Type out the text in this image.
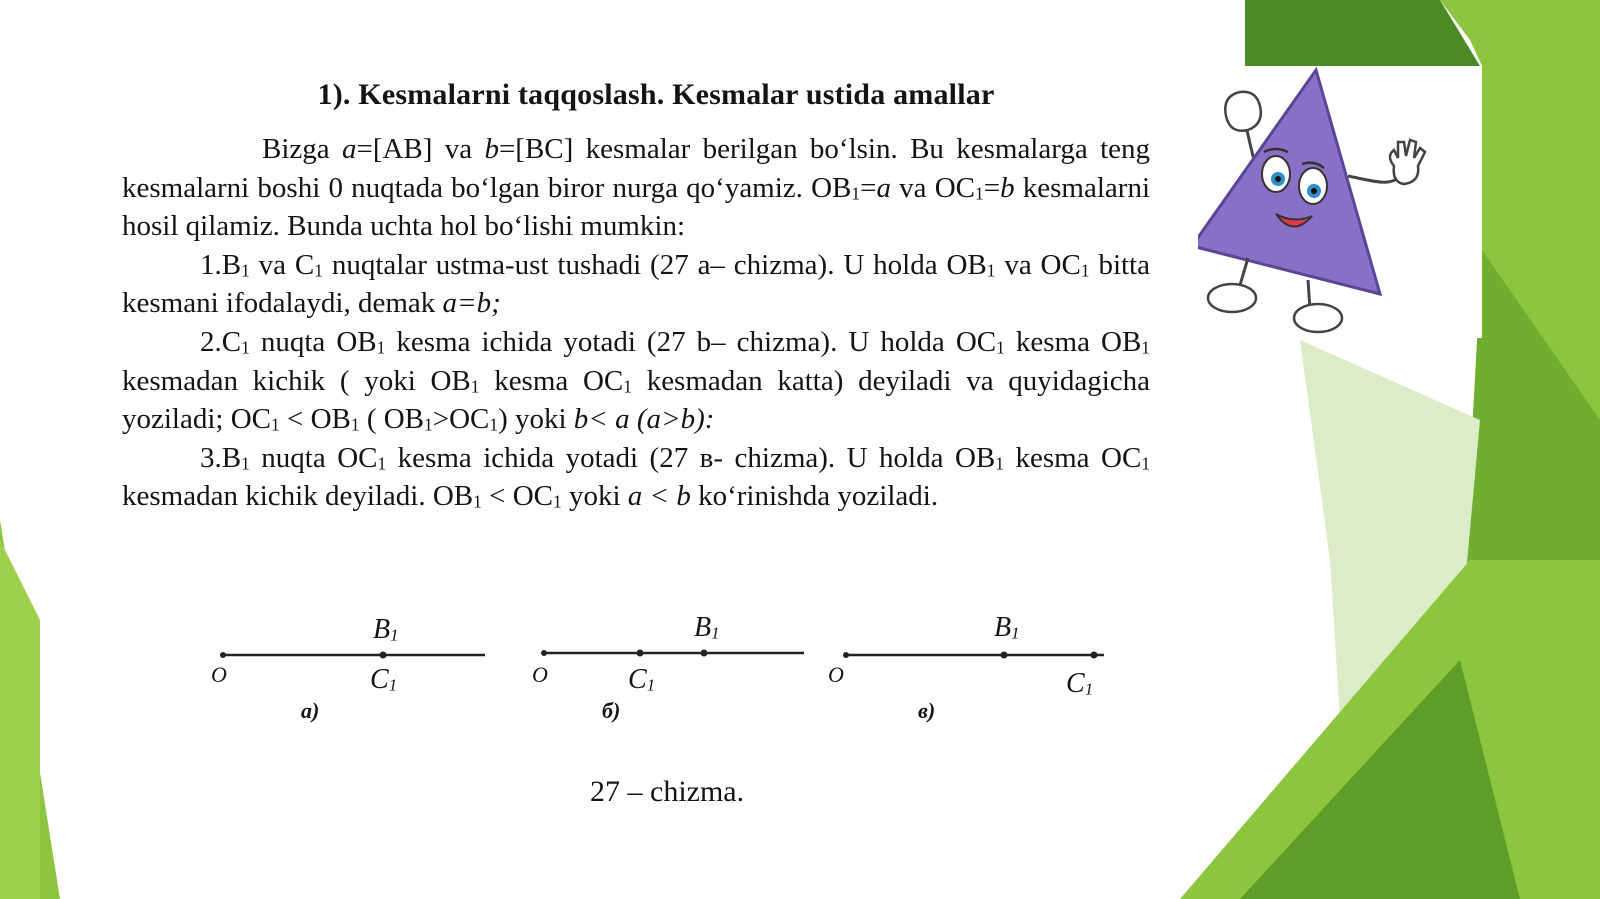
1). Kesmalarni taqqoslash. Kesmalar ustida amallar

Bizga a=[AB] va b=[BC] kesmalar berilgan bo‘lsin. Bu kesmalarga teng kesmalarni boshi 0 nuqtada bo‘lgan biror nurga qo‘yamiz. $OB_1=a$ va $OC_1=b$ kesmalarni hosil qilamiz. Bunda uchta hol bo‘lishi mumkin:

$1.B_1$ va $C_1$ nuqtalar ustma-ust tushadi (27 a– chizma). U holda $OB_1$ va $OC_1$ bitta kesmani ifodalaydi, demak a=b;

$2.C_1$ nuqta $OB_1$ kesma ichida yotadi (27 b– chizma). U holda $OC_1$ kesma $OB_1$ kesmadan kichik ( yoki $OB_1$ kesma $OC_1$ kesmadan katta) deyiladi va quyidagicha yoziladi; $OC_1 < OB_1$ ( $OB_1>OC_1$) yoki b< a (a>b):

$3.B_1$ nuqta $OC_1$ kesma ichida yotadi (27 в- chizma). U holda $OB_1$ kesma $OC_1$ kesmadan kichik deyiladi. $OB_1 < OC_1$ yoki a < b ko‘rinishda yoziladi.

O
$B_1$
$C_1$
a)
O
$B_1$
$C_1$
б)
O
$B_1$
$C_1$
в)
27 – chizma.
